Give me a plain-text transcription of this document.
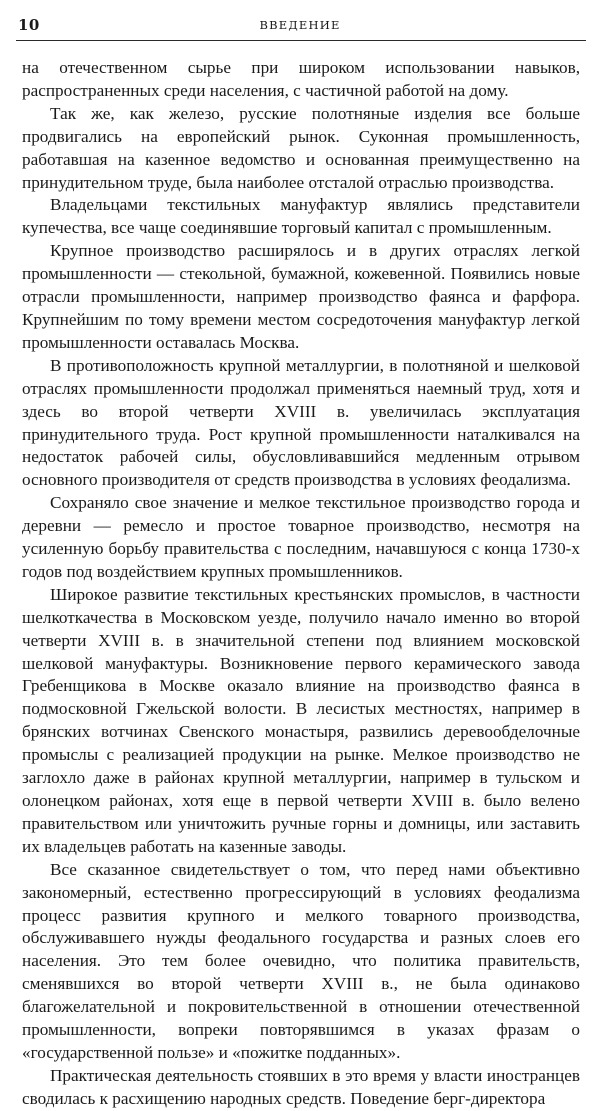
10	ВВЕДЕНИЕ

на отечественном сырье при широком использовании навыков, распространенных среди населения, с частичной работой на дому.

Так же, как железо, русские полотняные изделия все больше продвигались на европейский рынок. Суконная промышленность, работавшая на казенное ведомство и основанная преимущественно на принудительном труде, была наиболее отсталой отраслью производства.

Владельцами текстильных мануфактур являлись представители купечества, все чаще соединявшие торговый капитал с промышленным.

Крупное производство расширялось и в других отраслях легкой промышленности — стекольной, бумажной, кожевенной. Появились новые отрасли промышленности, например производство фаянса и фарфора. Крупнейшим по тому времени местом сосредоточения мануфактур легкой промышленности оставалась Москва.

В противоположность крупной металлургии, в полотняной и шелковой отраслях промышленности продолжал применяться наемный труд, хотя и здесь во второй четверти XVIII в. увеличилась эксплуатация принудительного труда. Рост крупной промышленности наталкивался на недостаток рабочей силы, обусловливавшийся медленным отрывом основного производителя от средств производства в условиях феодализма.

Сохраняло свое значение и мелкое текстильное производство города и деревни — ремесло и простое товарное производство, несмотря на усиленную борьбу правительства с последним, начавшуюся с конца 1730-х годов под воздействием крупных промышленников.

Широкое развитие текстильных крестьянских промыслов, в частности шелкоткачества в Московском уезде, получило начало именно во второй четверти XVIII в. в значительной степени под влиянием московской шелковой мануфактуры. Возникновение первого керамического завода Гребенщикова в Москве оказало влияние на производство фаянса в подмосковной Гжельской волости. В лесистых местностях, например в брянских вотчинах Свенского монастыря, развились деревообделочные промыслы с реализацией продукции на рынке. Мелкое производство не заглохло даже в районах крупной металлургии, например в тульском и олонецком районах, хотя еще в первой четверти XVIII в. было велено правительством или уничтожить ручные горны и домницы, или заставить их владельцев работать на казенные заводы.

Все сказанное свидетельствует о том, что перед нами объективно закономерный, естественно прогрессирующий в условиях феодализма процесс развития крупного и мелкого товарного производства, обслуживавшего нужды феодального государства и разных слоев его населения. Это тем более очевидно, что политика правительств, сменявшихся во второй четверти XVIII в., не была одинаково благожелательной и покровительственной в отношении отечественной промышленности, вопреки повторявшимся в указах фразам о «государственной пользе» и «пожитке подданных».

Практическая деятельность стоявших в это время у власти иностранцев сводилась к расхищению народных средств. Поведение берг-директора
